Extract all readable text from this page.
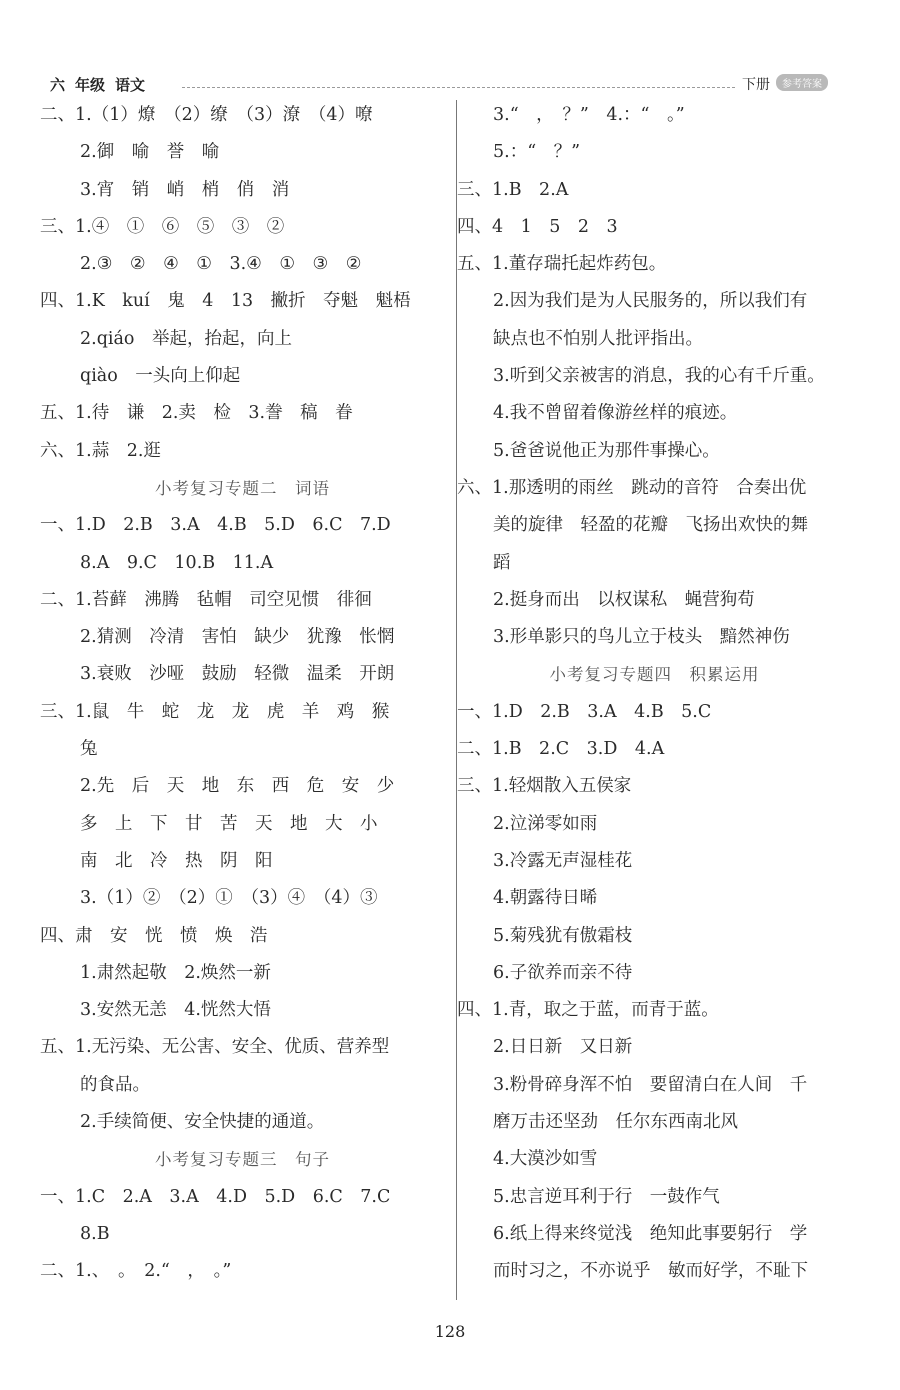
六 年级 语文	下册 参考答案
二、1.（1）燎　（2）缭　（3）潦　（4）嘹
2.御　喻　誉　喻
3.宵　销　峭　梢　俏　消
三、1.④　①　⑥　⑤　③　②
2.③　②　④　①　3.④　①　③　②
四、1.K　kuí　鬼　4　13　撇折　夺魁　魁梧
2.qiáo　举起，抬起，向上
qiào　一头向上仰起
五、1.待　谦　2.卖　检　3.誊　稿　眷
六、1.蒜　2.逛
小考复习专题二　词语
一、1.D　2.B　3.A　4.B　5.D　6.C　7.D
8.A　9.C　10.B　11.A
二、1.苔藓　沸腾　毡帽　司空见惯　徘徊
2.猜测　冷清　害怕　缺少　犹豫　怅惘
3.衰败　沙哑　鼓励　轻微　温柔　开朗
三、1.鼠　牛　蛇　龙　龙　虎　羊　鸡　猴
兔
2.先　后　天　地　东　西　危　安　少
多　上　下　甘　苦　天　地　大　小
南　北　冷　热　阴　阳
3.（1）②　（2）①　（3）④　（4）③
四、肃　安　恍　愤　焕　浩
1.肃然起敬　2.焕然一新
3.安然无恙　4.恍然大悟
五、1.无污染、无公害、安全、优质、营养型
的食品。
2.手续简便、安全快捷的通道。
小考复习专题三　句子
一、1.C　2.A　3.A　4.D　5.D　6.C　7.C
8.B
二、1.、　。　2.“　，　。”
3.“　，　？”　4.：“　。”
5.：“　？”
三、1.B　2.A
四、4　1　5　2　3
五、1.董存瑞托起炸药包。
2.因为我们是为人民服务的，所以我们有
缺点也不怕别人批评指出。
3.听到父亲被害的消息，我的心有千斤重。
4.我不曾留着像游丝样的痕迹。
5.爸爸说他正为那件事操心。
六、1.那透明的雨丝　跳动的音符　合奏出优
美的旋律　轻盈的花瓣　飞扬出欢快的舞
蹈
2.挺身而出　以权谋私　蝇营狗苟
3.形单影只的鸟儿立于枝头　黯然神伤
小考复习专题四　积累运用
一、1.D　2.B　3.A　4.B　5.C
二、1.B　2.C　3.D　4.A
三、1.轻烟散入五侯家
2.泣涕零如雨
3.冷露无声湿桂花
4.朝露待日晞
5.菊残犹有傲霜枝
6.子欲养而亲不待
四、1.青，取之于蓝，而青于蓝。
2.日日新　又日新
3.粉骨碎身浑不怕　要留清白在人间　千
磨万击还坚劲　任尔东西南北风
4.大漠沙如雪
5.忠言逆耳利于行　一鼓作气
6.纸上得来终觉浅　绝知此事要躬行　学
而时习之，不亦说乎　敏而好学，不耻下
128
